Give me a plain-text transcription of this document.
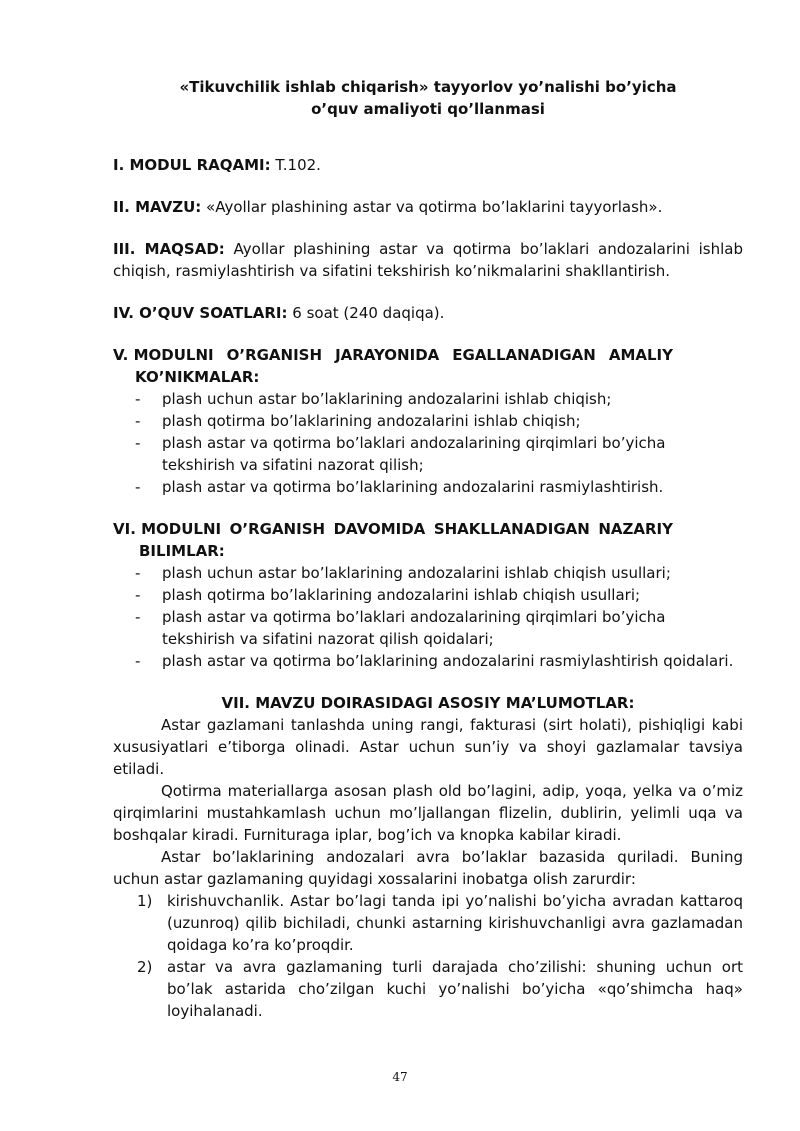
«Tikuvchilik ishlab chiqarish» tayyorlov yo’nalishi bo’yicha

o’quv amaliyoti qo’llanmasi

I. MODUL RAQAMI: T.102.
II. MAVZU: «Ayollar plashining astar va qotirma bo’laklarini tayyorlash».
III. MAQSAD: Ayollar plashining astar va qotirma bo’laklari andozalarini ishlab chiqish, rasmiylashtirish va sifatini tekshirish ko’nikmalarini shakllantirish.
IV. O’QUV SOATLARI: 6 soat (240 daqiqa).
V. MODULNI O’RGANISH JARAYONIDA EGALLANADIGAN AMALIY
KO’NIKMALAR:
- plash uchun astar bo’laklarining andozalarini ishlab chiqish;
- plash qotirma bo’laklarining andozalarini ishlab chiqish;
- plash astar va qotirma bo’laklari andozalarining qirqimlari bo’yicha tekshirish va sifatini nazorat qilish;
- plash astar va qotirma bo’laklarining andozalarini rasmiylashtirish.
VI. MODULNI O’RGANISH DAVOMIDA SHAKLLANADIGAN NAZARIY
BILIMLAR:
- plash uchun astar bo’laklarining andozalarini ishlab chiqish usullari;
- plash qotirma bo’laklarining andozalarini ishlab chiqish usullari;
- plash astar va qotirma bo’laklari andozalarining qirqimlari bo’yicha tekshirish va sifatini nazorat qilish qoidalari;
- plash astar va qotirma bo’laklarining andozalarini rasmiylashtirish qoidalari.
VII. MAVZU DOIRASIDAGI ASOSIY MA’LUMOTLAR:

Astar gazlamani tanlashda uning rangi, fakturasi (sirt holati), pishiqligi kabi xususiyatlari e’tiborga olinadi. Astar uchun sun’iy va shoyi gazlamalar tavsiya etiladi.

Qotirma materiallarga asosan plash old bo’lagini, adip, yoqa, yelka va o’miz qirqimlarini mustahkamlash uchun mo’ljallangan flizelin, dublirin, yelimli uqa va boshqalar kiradi. Furnituraga iplar, bog’ich va knopka kabilar kiradi.

Astar bo’laklarining andozalari avra bo’laklar bazasida quriladi. Buning uchun astar gazlamaning quyidagi xossalarini inobatga olish zarurdir:

1) kirishuvchanlik. Astar bo’lagi tanda ipi yo’nalishi bo’yicha avradan kattaroq (uzunroq) qilib bichiladi, chunki astarning kirishuvchanligi avra gazlamadan qoidaga ko’ra ko’proqdir.
2) astar va avra gazlamaning turli darajada cho’zilishi: shuning uchun ort bo’lak astarida cho’zilgan kuchi yo’nalishi bo’yicha «qo’shimcha haq» loyihalanadi.
47
